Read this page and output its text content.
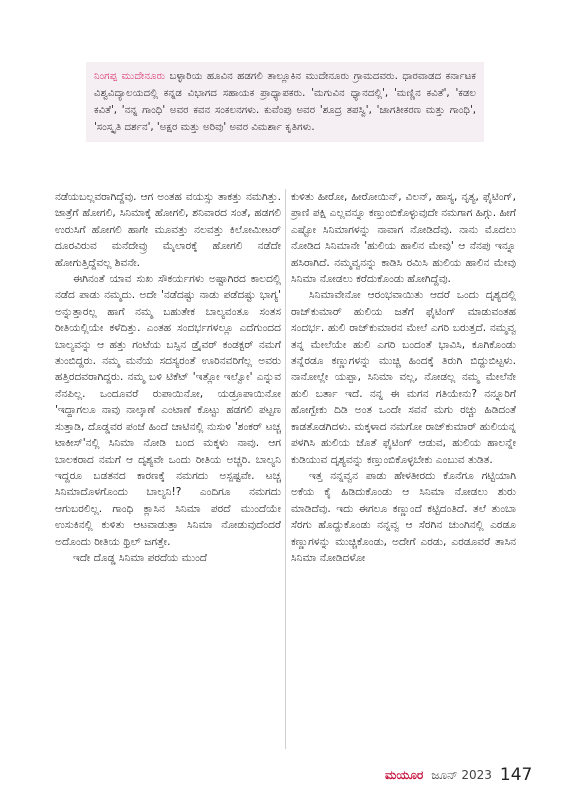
ನಿಂಗಪ್ಪ ಮುದೇನೂರು ಬಳ್ಳಾರಿಯ ಹೂವಿನ ಹಡಗಲಿ ತಾಲ್ಲೂಕಿನ ಮುದೇನೂರು ಗ್ರಾಮದವರು. ಧಾರವಾಡದ ಕರ್ನಾಟಕ ವಿಶ್ವವಿದ್ಯಾಲಯದಲ್ಲಿ ಕನ್ನಡ ವಿಭಾಗದ ಸಹಾಯಕ ಪ್ರಾಧ್ಯಾಪಕರು. 'ಮಗುವಿನ ಧ್ಯಾನದಲ್ಲಿ', 'ಮಣ್ಣಿನ ಕವಿತೆ', 'ಕಡಲ ಕವಿತೆ', 'ನನ್ನ ಗಾಂಧಿ' ಅವರ ಕವನ ಸಂಕಲನಗಳು. ಕುವೆಂಪು ಅವರ 'ಶೂದ್ರ ತಪಸ್ವಿ', 'ಜಾಗತೀಕರಣ ಮತ್ತು ಗಾಂಧಿ', 'ಸಂಸ್ಕೃತಿ ದರ್ಶನ', 'ಅಕ್ಷರ ಮತ್ತು ಅರಿವು' ಅವರ ವಿಮರ್ಶಾ ಕೃತಿಗಳು.

ನಡೆಯಬಲ್ಲವರಾಗಿದ್ದೆವು. ಆಗ ಅಂತಹ ವಯಸ್ಸು ತಾಕತ್ತು ನಮಗಿತ್ತು. ಜಾತ್ರೆಗೆ ಹೋಗಲಿ, ಸಿನಿಮಾಕ್ಕೆ ಹೋಗಲಿ, ಶನಿವಾರದ ಸಂತೆ, ಹಡಗಲಿ ಉರುಸಿಗೆ ಹೋಗಲಿ ಹಾಗೇ ಮೂವತ್ತು ನಲವತ್ತು ಕಿಲೋಮೀಟರ್ ದೂರವಿರುವ ಮನೆದೇವ್ರು ಮೈಲಾರಕ್ಕೆ ಹೋಗಲಿ ನಡೆದೇ ಹೋಗುತ್ತಿದ್ದೆವಲ್ಲ ಶಿವನೇ.

ಈಗಿನಂತೆ ಯಾವ ಸುಖ ಸೌಕರ್ಯಗಳು ಅಷ್ಟಾಗಿರದ ಕಾಲದಲ್ಲಿ ನಡೆದ ಪಾಡು ನಮ್ಮದು. ಅದೇ 'ನಡೆದಷ್ಟು ನಾಡು ಪಡೆದಷ್ಟು ಭಾಗ್ಯ' ಅನ್ನುತ್ತಾರಲ್ಲ ಹಾಗೆ ನಮ್ಮ ಬಹುತೇಕ ಬಾಲ್ಯವಂತೂ ಸಂತಸ ರೀತಿಯಲ್ಲಿಯೇ ಕಳೆದಿತ್ತು. ಎಂತಹ ಸಂದರ್ಭಗಳಲ್ಲೂ ಎದೆಗುಂದದ ಬಾಲ್ಯವನ್ನು ಆ ಹತ್ತು ಗಂಟೆಯ ಬಸ್ಸಿನ ಡ್ರೈವರ್ ಕಂಡಕ್ಟರ್ ನಮಗೆ ತುಂಬಿದ್ದರು. ನಮ್ಮ ಮನೆಯ ಸದಸ್ಯರಂತೆ ಊರಿನವರಿಗೆಲ್ಲ ಅವರು ಹತ್ತಿರದವರಾಗಿದ್ದರು. ನಮ್ಮ ಬಳಿ ಟಿಕೆಟ್ 'ಇತ್ಲೋ ಇಲ್ವೋ' ಎನ್ನುವ ನೆನಪಿಲ್ಲ. ಒಂದೂವರೆ ರುಪಾಯಿನೋ, ಯಡ್ರೂಪಾಯಿನೋ 'ಇದ್ದಾಗಲೂ ನಾವು ನಾಲ್ಕಾಣೆ ಎಂಟಾಣೆ ಕೊಟ್ಟು ಹಡಗಲಿ ಪಟ್ಟಣ ಸುತ್ತಾಡಿ, ದೊಡ್ಡವರ ಪಂಜೆ ಹಿಂದೆ ಚಾಟಿನಲ್ಲಿ ನುಸುಳಿ 'ಶಂಕರ್ ಟಚ್ಚ ಟಾಕೀಸ್'ನಲ್ಲಿ ಸಿನಿಮಾ ನೋಡಿ ಬಂದ ಮಕ್ಕಳು ನಾವು. ಆಗ ಬಾಲಕರಾದ ನಮಗೆ ಆ ದೃಶ್ಯವೇ ಒಂದು ರೀತಿಯ ಅಚ್ಚರಿ. ಬಾಲ್ಯನಿ ಇದ್ದರೂ ಬಡತನದ ಕಾರಣಕ್ಕೆ ನಮಗದು ಅಸ್ಪಷ್ಟವೇ. ಟಚ್ಚ ಸಿನಿಮಾದೊಳಗೊಂದು ಬಾಲ್ಯನಿ!? ಎಂದಿಗೂ ನಮಗದು ಆಗುಬರಲಿಲ್ಲ. ಗಾಂಧಿ ಕ್ಲಾಸಿನ ಸಿನಿಮಾ ಪರದೆ ಮುಂದೆಯೇ ಉಸುಕಿನಲ್ಲಿ ಕುಳಿತು ಆಟವಾಡುತ್ತಾ ಸಿನಿಮಾ ನೋಡುವುದೆಂದರೆ ಅದೊಂದು ರೀತಿಯ ಥ್ರಿಲ್ ಜಗತ್ತೇ.

ಇದೇ ದೊಡ್ಡ ಸಿನಿಮಾ ಪರದೆಯ ಮುಂದೆ

ಕುಳಿತು ಹೀರೋ, ಹೀರೋಯಿನ್, ವಿಲನ್, ಹಾಸ್ಯ, ನೃತ್ಯ, ಫೈಟಿಂಗ್, ಪ್ರಾಣಿ ಪಕ್ಷಿ ಎಲ್ಲವನ್ನೂ ಕಣ್ತುಂಬಿಕೊಳ್ಳುವುದೇ ನಮಗಾಗ ಹಿಗ್ಗು. ಹೀಗೆ ಎಷ್ಟೋ ಸಿನಿಮಾಗಳನ್ನು ನಾವಾಗ ನೋಡಿದೆವು. ನಾನು ಮೊದಲು ನೋಡಿದ ಸಿನಿಮಾನೇ 'ಹುಲಿಯ ಹಾಲಿನ ಮೇವು' ಆ ನೆನಪು ಇನ್ನೂ ಹಸಿರಾಗಿದೆ. ನಮ್ಮವ್ವನನ್ನು ಕಾಡಿಸಿ ರಮಿಸಿ ಹುಲಿಯ ಹಾಲಿನ ಮೇವು ಸಿನಿಮಾ ನೋಡಲು ಕರೆದುಕೊಂಡು ಹೋಗಿದ್ದೆವು.

ಸಿನಿಮಾವೇನೋ ಆರಂಭವಾಯಿತು ಆದರೆ ಒಂದು ದೃಶ್ಯದಲ್ಲಿ ರಾಜ್‌ಕುಮಾರ್ ಹುಲಿಯ ಜತೆಗೆ ಫೈಟಿಂಗ್ ಮಾಡುವಂತಹ ಸಂದರ್ಭ. ಹುಲಿ ರಾಜ್‌ಕುಮಾರನ ಮೇಲೆ ಎಗರಿ ಬರುತ್ತದೆ. ನಮ್ಮವ್ವ ತನ್ನ ಮೇಲೆಯೇ ಹುಲಿ ಎಗರಿ ಬಂದಂತೆ ಭಾವಿಸಿ, ಕೂಗಿಕೊಂಡು ತನ್ನೆರಡೂ ಕಣ್ಣುಗಳನ್ನು ಮುಚ್ಚಿ ಹಿಂದಕ್ಕೆ ತಿರುಗಿ ಬಿದ್ದುಬಿಟ್ಟಳು. ನಾನೋಲ್ಲೇ ಯಪ್ಪಾ, ಸಿನಿಮಾ ವಲ್ಲ, ನೋಡಲ್ಲ ನಮ್ಮ ಮೇಲೆನೇ ಹುಲಿ ಬರ್ತಾ ಇದೆ. ನನ್ನ ಈ ಮಗನ ಗತಿಯೇನು? ನನ್ನೂರಿಗೆ ಹೋಗ್ಬೇಕು ದಿಡಿ ಅಂತ ಒಂದೇ ಸವನೆ ಮಗು ರಚ್ಚು ಹಿಡಿದಂತೆ ಕಾಡತೊಡಗಿದಳು. ಮಕ್ಕಳಾದ ನಮಗೋ ರಾಜ್‌ಕುಮಾರ್ ಹುಲಿಯನ್ನ ಪಳಗಿಸಿ ಹುಲಿಯ ಜೊತೆ ಫೈಟಿಂಗ್ ಆಡುವ, ಹುಲಿಯ ಹಾಲನ್ನೇ ಕುಡಿಯುವ ದೃಶ್ಯವನ್ನು ಕಣ್ತುಂಬಿಕೊಳ್ಳಬೇಕು ಎಂಬುವ ತುಡಿತ.

ಇತ್ತ ನನ್ನವ್ವನ ಪಾಡು ಹೇಳತೀರದು ಕೊನೆಗೂ ಗಟ್ಟಿಯಾಗಿ ಅಕೆಯ ಕೈ ಹಿಡಿದುಕೊಂಡು ಆ ಸಿನಿಮಾ ನೋಡಲು ಶುರು ಮಾಡಿದೆವು. ಇದು ಈಗಲೂ ಕಣ್ಣುಂದೆ ಕಟ್ಟಿದಂತಿದೆ. ತಲೆ ತುಂಬಾ ಸೆರಗು ಹೊದ್ದುಕೊಂಡು ನನ್ನವ್ವ ಆ ಸೆರಗಿನ ಚುಂಗಿನಲ್ಲಿ ಎರಡೂ ಕಣ್ಣುಗಳನ್ನು ಮುಚ್ಚಿಕೊಂಡು, ಅದೇಗೆ ಎರಡು, ಎರಡೂವರೆ ತಾಸಿನ ಸಿನಿಮಾ ನೋಡಿದಳೋ

ಮಯೂರ ಜೂನ್ 2023 147
